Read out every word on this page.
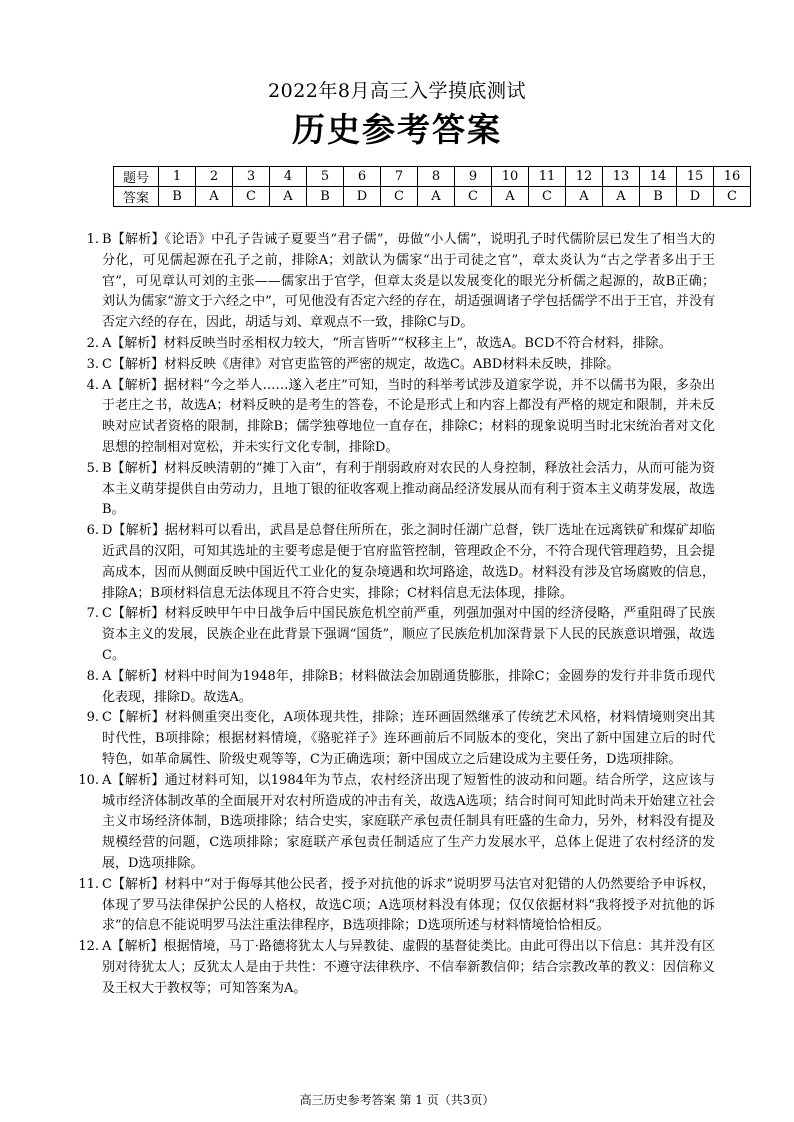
2022年8月高三入学摸底测试
历史参考答案
题号	1	2	3	4	5	6	7	8	9	10	11	12	13	14	15	16
答案	B	A	C	A	B	D	C	A	C	A	C	A	A	B	D	C
1. B【解析】《论语》中孔子告诫子夏要当“君子儒”，毋做“小人儒”，说明孔子时代儒阶层已发生了相当大的分化，可见儒起源在孔子之前，排除A；刘歆认为儒家“出于司徒之官”，章太炎认为“古之学者多出于王官”，可见章认可刘的主张——儒家出于官学，但章太炎是以发展变化的眼光分析儒之起源的，故B正确；刘认为儒家“游文于六经之中”，可见他没有否定六经的存在，胡适强调诸子学包括儒学不出于王官，并没有否定六经的存在，因此，胡适与刘、章观点不一致，排除C与D。
2. A【解析】材料反映当时丞相权力较大，“所言皆听”“权移主上”，故选A。BCD不符合材料，排除。
3. C【解析】材料反映《唐律》对官吏监管的严密的规定，故选C。ABD材料未反映，排除。
4. A【解析】据材料“今之举人……遂入老庄”可知，当时的科举考试涉及道家学说，并不以儒书为限，多杂出于老庄之书，故选A；材料反映的是考生的答卷，不论是形式上和内容上都没有严格的规定和限制，并未反映对应试者资格的限制，排除B；儒学独尊地位一直存在，排除C；材料的现象说明当时北宋统治者对文化思想的控制相对宽松，并未实行文化专制，排除D。
5. B【解析】材料反映清朝的“摊丁入亩”，有利于削弱政府对农民的人身控制，释放社会活力，从而可能为资本主义萌芽提供自由劳动力，且地丁银的征收客观上推动商品经济发展从而有利于资本主义萌芽发展，故选B。
6. D【解析】据材料可以看出，武昌是总督住所所在，张之洞时任湖广总督，铁厂选址在远离铁矿和煤矿却临近武昌的汉阳，可知其选址的主要考虑是便于官府监管控制，管理政企不分，不符合现代管理趋势，且会提高成本，因而从侧面反映中国近代工业化的复杂境遇和坎坷路途，故选D。材料没有涉及官场腐败的信息，排除A；B项材料信息无法体现且不符合史实，排除；C材料信息无法体现，排除。
7. C【解析】材料反映甲午中日战争后中国民族危机空前严重，列强加强对中国的经济侵略，严重阻碍了民族资本主义的发展，民族企业在此背景下强调“国货”，顺应了民族危机加深背景下人民的民族意识增强，故选C。
8. A【解析】材料中时间为1948年，排除B；材料做法会加剧通货膨胀，排除C；金圆券的发行并非货币现代化表现，排除D。故选A。
9. C【解析】材料侧重突出变化，A项体现共性，排除；连环画固然继承了传统艺术风格，材料情境则突出其时代性，B项排除；根据材料情境，《骆驼祥子》连环画前后不同版本的变化，突出了新中国建立后的时代特色，如革命属性、阶级史观等等，C为正确选项；新中国成立之后建设成为主要任务，D选项排除。
10. A【解析】通过材料可知，以1984年为节点，农村经济出现了短暂性的波动和问题。结合所学，这应该与城市经济体制改革的全面展开对农村所造成的冲击有关，故选A选项；结合时间可知此时尚未开始建立社会主义市场经济体制，B选项排除；结合史实，家庭联产承包责任制具有旺盛的生命力，另外，材料没有提及规模经营的问题，C选项排除；家庭联产承包责任制适应了生产力发展水平，总体上促进了农村经济的发展，D选项排除。
11. C【解析】材料中“对于侮辱其他公民者，授予对抗他的诉求”说明罗马法官对犯错的人仍然要给予申诉权，体现了罗马法律保护公民的人格权，故选C项；A选项材料没有体现；仅仅依据材料“我将授予对抗他的诉求”的信息不能说明罗马法注重法律程序，B选项排除；D选项所述与材料情境恰恰相反。
12. A【解析】根据情境，马丁·路德将犹太人与异教徒、虚假的基督徒类比。由此可得出以下信息：其并没有区别对待犹太人；反犹太人是由于共性：不遵守法律秩序、不信奉新教信仰；结合宗教改革的教义：因信称义及王权大于教权等；可知答案为A。
高三历史参考答案 第 1 页（共3页）
